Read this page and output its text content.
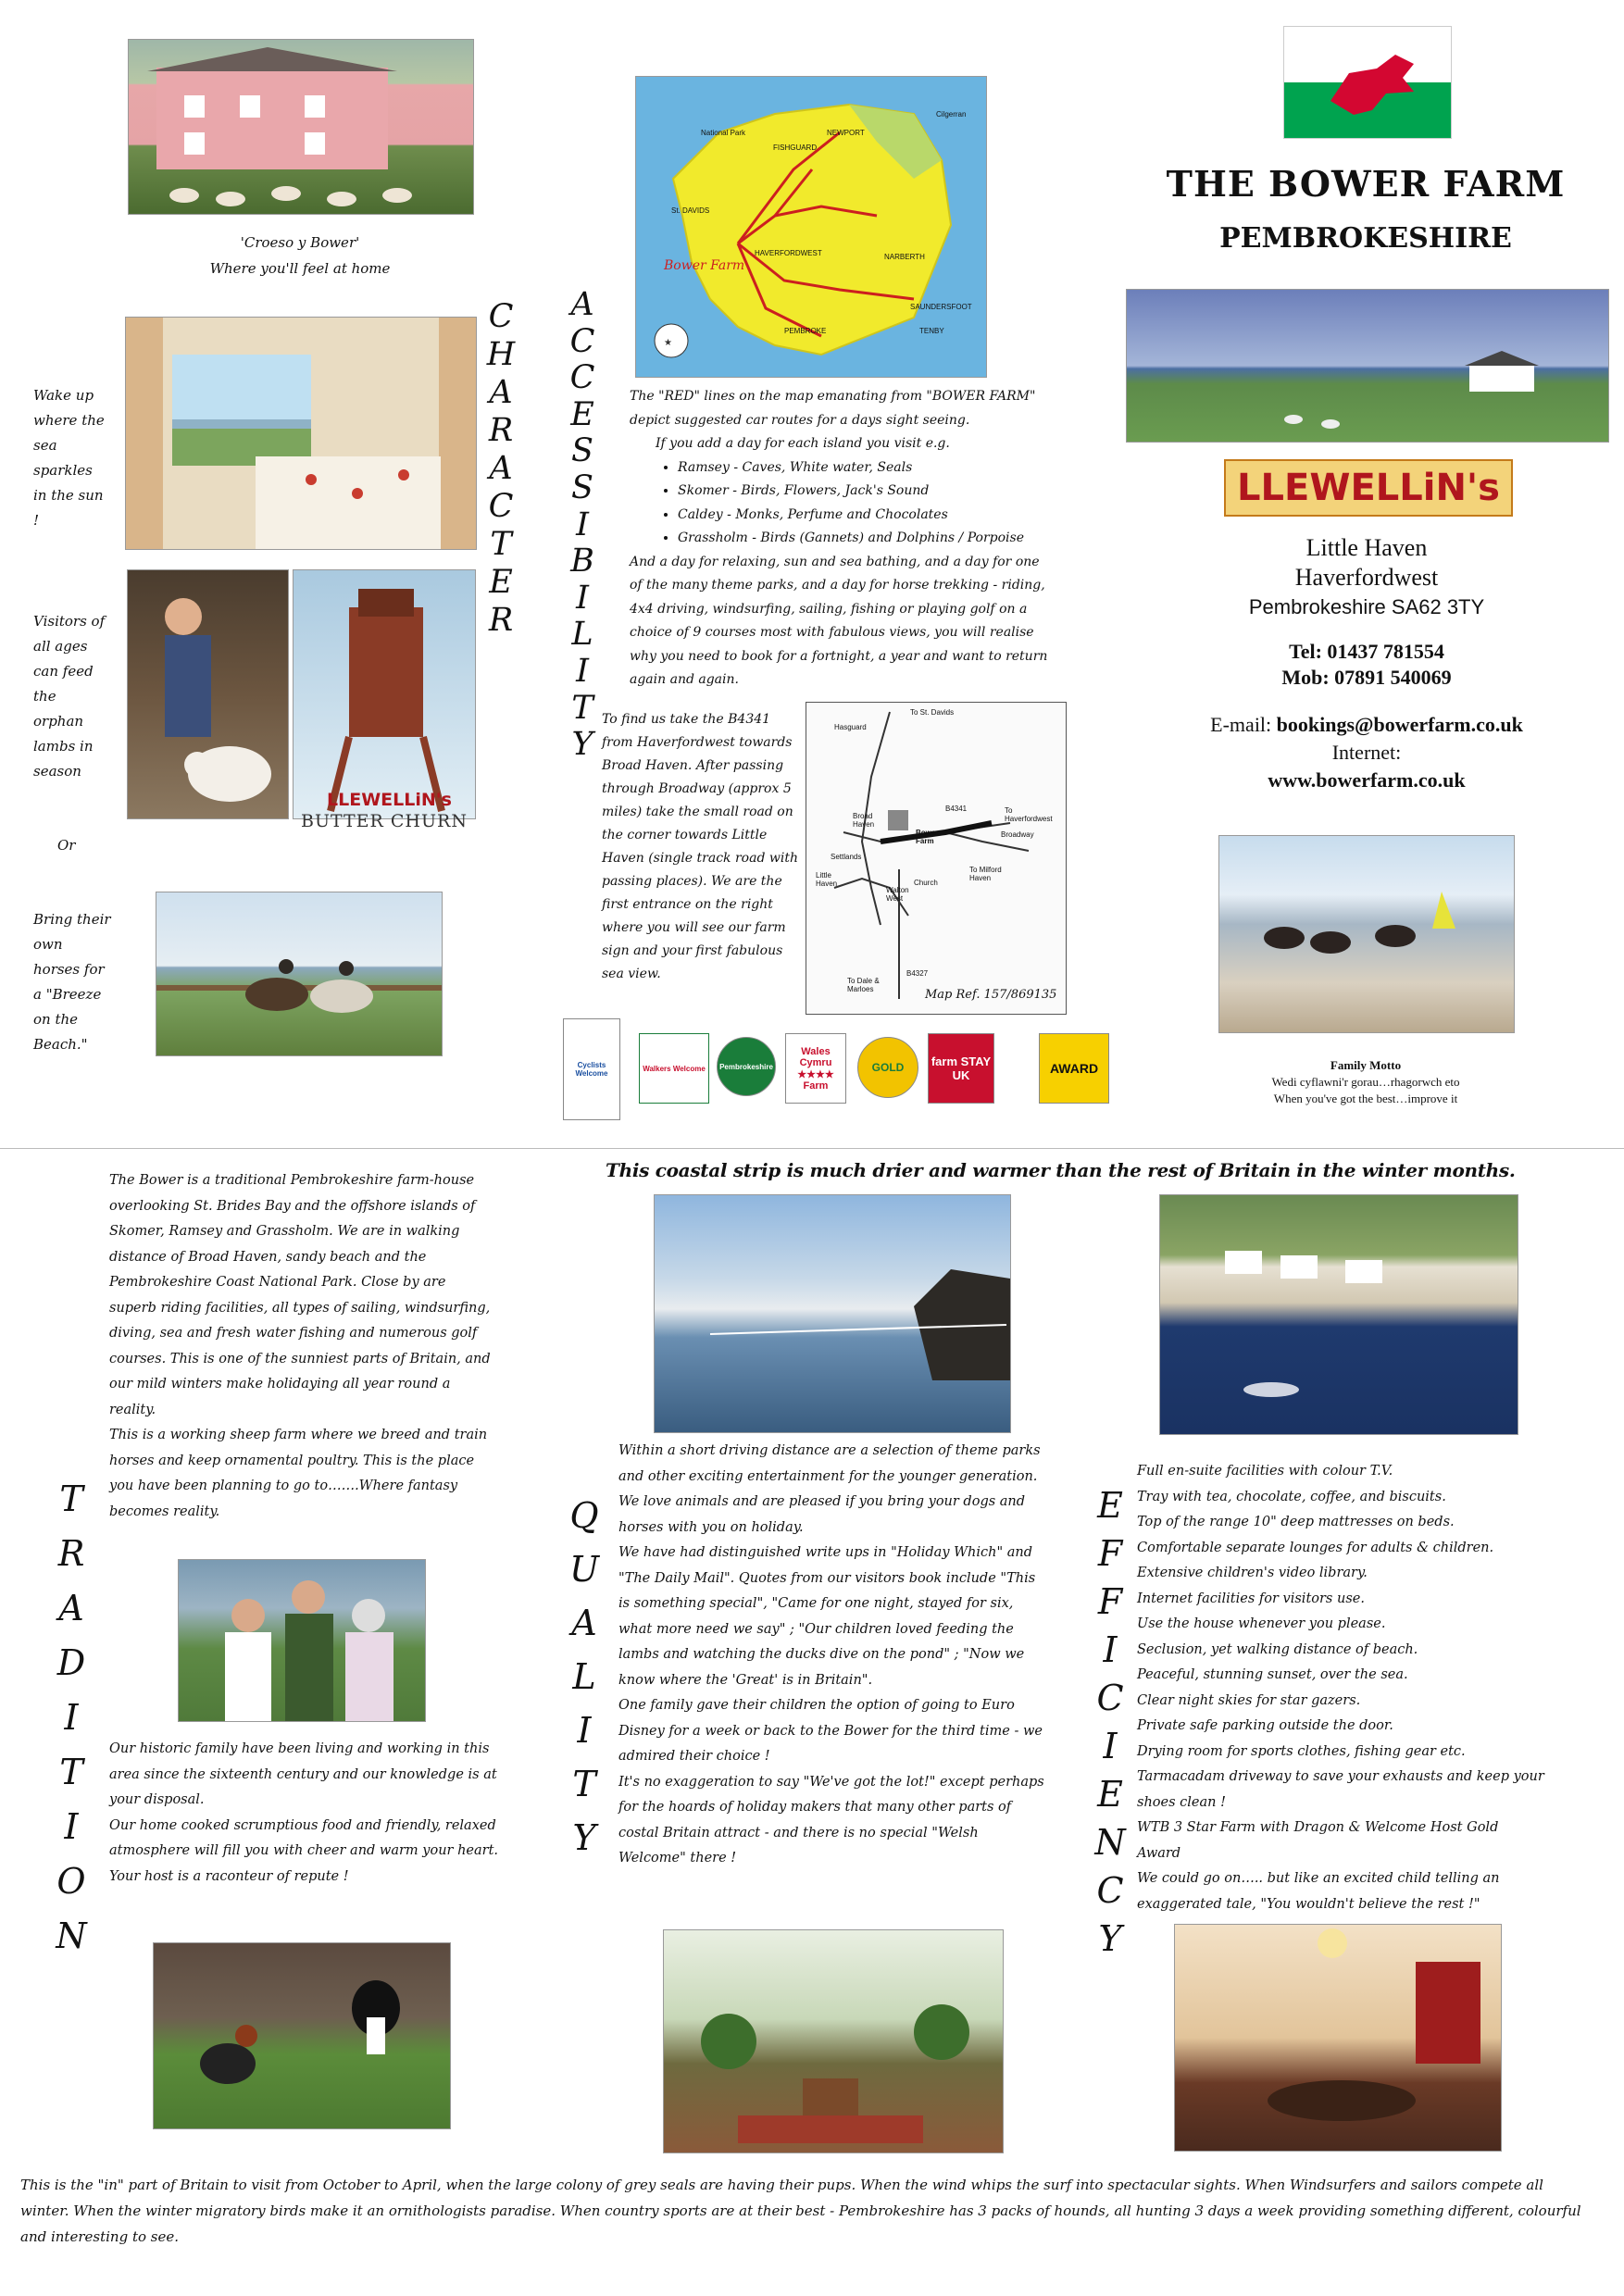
'Croeso y Bower'
Where you'll feel at home
Wake up where the sea sparkles in the sun !
Visitors of all ages can feed the orphan lambs in season
Or
Bring their own horses for a "Breeze on the Beach."
LLEWELLiN's
BUTTER CHURN
C
H
A
R
A
C
T
E
R
A
C
C
E
S
S
I
B
I
L
I
T
Y
★
National Park
Cilgerran
FISHGUARD
NEWPORT
St. DAVIDS
HAVERFORDWEST	NARBERTH
PEMBROKE	TENBY
SAUNDERSFOOT
Bower Farm
The "RED" lines on the map emanating from "BOWER FARM" depict suggested car routes for a days sight seeing.
If you add a day for each island you visit e.g.
• Ramsey - Caves, White water, Seals
• Skomer - Birds, Flowers, Jack's Sound
• Caldey - Monks, Perfume and Chocolates
• Grassholm - Birds (Gannets) and Dolphins / Porpoise
And a day for relaxing, sun and sea bathing, and a day for one of the many theme parks, and a day for horse trekking - riding, 4x4 driving, windsurfing, sailing, fishing or playing golf on a choice of 9 courses most with fabulous views, you will realise why you need to book for a fortnight, a year and want to return again and again.
To find us take the B4341 from Haverfordwest towards Broad Haven. After passing through Broadway (approx 5 miles) take the small road on the corner towards Little Haven (single track road with passing places). We are the first entrance on the right where you will see our farm sign and your first fabulous sea view.
To St. Davids
Hasguard
Broad Haven
Bower Farm
Broadway
To Haverfordwest
Settlands
Little Haven
Walton West
To Milford Haven
To Dale & Marloes
B4341
B4327
Church
Map Ref. 157/869135
Cyclists Welcome
Walkers Welcome	Pembrokeshire
Wales Cymru ★★★★ Farm
GOLD	farm STAY UK	AWARD
THE BOWER FARM
PEMBROKESHIRE
LLEWELLiN's
Little Haven
Haverfordwest
Pembrokeshire SA62 3TY
Tel: 01437 781554
Mob: 07891 540069
E-mail: bookings@bowerfarm.co.uk
Internet:
www.bowerfarm.co.uk
Family Motto
Wedi cyflawni'r gorau…rhagorwch eto
When you've got the best…improve it
This coastal strip is much drier and warmer than the rest of Britain in the winter months.
The Bower is a traditional Pembrokeshire farm-house overlooking St. Brides Bay and the offshore islands of Skomer, Ramsey and Grassholm. We are in walking distance of Broad Haven, sandy beach and the Pembrokeshire Coast National Park. Close by are superb riding facilities, all types of sailing, windsurfing, diving, sea and fresh water fishing and numerous golf courses. This is one of the sunniest parts of Britain, and our mild winters make holidaying all year round a reality.
This is a working sheep farm where we breed and train horses and keep ornamental poultry. This is the place you have been planning to go to…….Where fantasy becomes reality.
Our historic family have been living and working in this area since the sixteenth century and our knowledge is at your disposal.
Our home cooked scrumptious food and friendly, relaxed atmosphere will fill you with cheer and warm your heart.
Your host is a raconteur of repute !
T
R
A
D
I
T
I
O
N
Within a short driving distance are a selection of theme parks and other exciting entertainment for the younger generation.
We love animals and are pleased if you bring your dogs and horses with you on holiday.
We have had distinguished write ups in "Holiday Which" and "The Daily Mail". Quotes from our visitors book include "This is something special", "Came for one night, stayed for six, what more need we say" ; "Our children loved feeding the lambs and watching the ducks dive on the pond" ; "Now we know where the 'Great' is in Britain".
One family gave their children the option of going to Euro Disney for a week or back to the Bower for the third time - we admired their choice !
It's no exaggeration to say "We've got the lot!" except perhaps for the hoards of holiday makers that many other parts of costal Britain attract - and there is no special "Welsh Welcome" there !
Q
U
A
L
I
T
Y
Full en-suite facilities with colour T.V.
Tray with tea, chocolate, coffee, and biscuits.
Top of the range 10" deep mattresses on beds.
Comfortable separate lounges for adults & children.
Extensive children's video library.
Internet facilities for visitors use.
Use the house whenever you please.
Seclusion, yet walking distance of beach.
Peaceful, stunning sunset, over the sea.
Clear night skies for star gazers.
Private safe parking outside the door.
Drying room for sports clothes, fishing gear etc.
Tarmacadam driveway to save your exhausts and keep your shoes clean !
WTB 3 Star Farm with Dragon & Welcome Host Gold Award
We could go on….. but like an excited child telling an exaggerated tale, "You wouldn't believe the rest !"
E
F
F
I
C
I
E
N
C
Y
This is the "in" part of Britain to visit from October to April, when the large colony of grey seals are having their pups. When the wind whips the surf into spectacular sights. When Windsurfers and sailors compete all winter. When the winter migratory birds make it an ornithologists paradise. When country sports are at their best - Pembrokeshire has 3 packs of hounds, all hunting 3 days a week providing something different, colourful and interesting to see.
